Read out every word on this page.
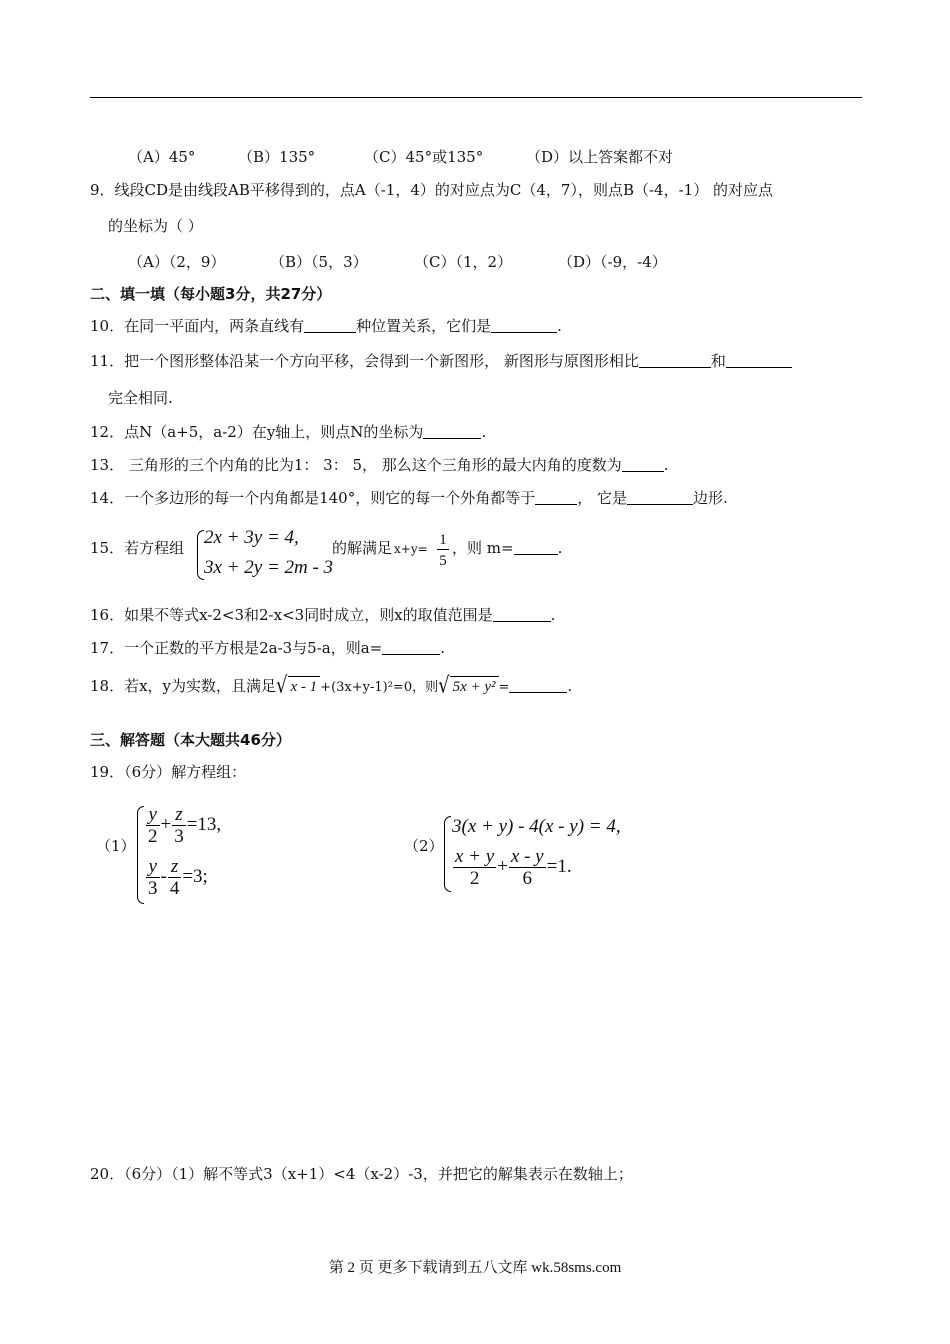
（A）45°	（B）135°	（C）45°或135°	（D）以上答案都不对
9．线段CD是由线段AB平移得到的，点A（-1，4）的对应点为C（4，7），则点B（-4，-1） 的对应点
的坐标为（ ）
（A）（2，9）	（B）（5，3）	（C）（1，2）	（D）（-9，-4）
二、填一填（每小题3分，共27分）
10．在同一平面内，两条直线有	种位置关系，它们是	.
11．把一个图形整体沿某一个方向平移，会得到一个新图形， 新图形与原图形相比	和
完全相同.
12．点N（a+5，a-2）在y轴上，则点N的坐标为	.
13． 三角形的三个内角的比为1： 3： 5， 那么这个三角形的最大内角的度数为	.
14．一个多边形的每一个内角都是140°，则它的每一个外角都等于	， 它是	边形.
15．若方程组 2x + 3y = 4,
3x + 2y = 2m - 3
的解满足 x+y=
1
5
，则 m=	.
16．如果不等式x-2<3和2-x<3同时成立，则x的取值范围是	.
17．一个正数的平方根是2a-3与5-a，则a=	.
18．若x，y为实数，且满足√ x - 1 +(3x+y-1)²=0，则√ 5x + y² =	.
三、解答题（本大题共46分）
19．（6分）解方程组：
$(1) \frac{y}{2} + \frac{z}{3} =13$,
$\frac{y}{3} - \frac{z}{4} =3$;
（2）
3(x + y) - 4(x - y) = 4,
$\frac{x + y}{2} + \frac{x - y}{6} =1$.
20．（6分）（1）解不等式3（x+1）<4（x-2）-3，并把它的解集表示在数轴上；
第 2 页 更多下载请到五八文库 wk.58sms.com
